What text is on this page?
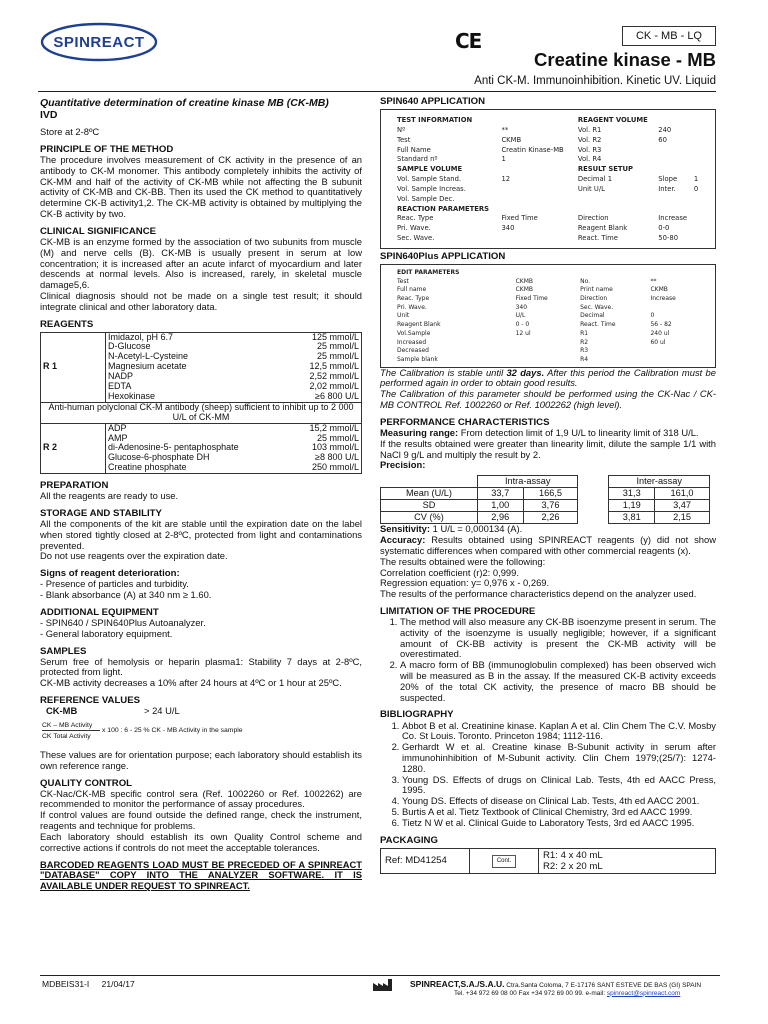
SPINREACT	CE	CK - MB - LQ
Creatine kinase - MB
Anti CK-M. Immunoinhibition. Kinetic UV. Liquid
Quantitative determination of creatine kinase MB (CK-MB)
IVD

Store at 2-8ºC

PRINCIPLE OF THE METHOD

The procedure involves measurement of CK activity in the presence of an antibody to CK-M monomer. This antibody completely inhibits the activity of CK-MM and half of the activity of CK-MB while not affecting the B subunit activity of CK-MB and CK-BB. Then its used the CK method to quantitatively determine CK-B activity1,2. The CK-MB activity is obtained by multiplying the CK-B activity by two.

CLINICAL SIGNIFICANCE

CK-MB is an enzyme formed by the association of two subunits from muscle (M) and nerve cells (B). CK-MB is usually present in serum at low concentration; it is increased after an acute infarct of myocardium and later descends at normal levels. Also is increased, rarely, in skeletal muscle damage5,6.

Clinical diagnosis should not be made on a single test result; it should integrate clinical and other laboratory data.

REAGENTS
R 1	Imidazol, pH 6.7	125 mmol/L
	D-Glucose	25 mmol/L
	N-Acetyl-L-Cysteine	25 mmol/L
	Magnesium acetate	12,5 mmol/L
	NADP	2,52 mmol/L
	EDTA	2,02 mmol/L
	Hexokinase	≥6 800 U/L
Anti-human polyclonal CK-M antibody (sheep) sufficient to inhibit up to 2 000 U/L of CK-MM		
R 2	ADP	15,2 mmol/L
	AMP	25 mmol/L
	di-Adenosine-5- pentaphosphate	103 mmol/L
	Glucose-6-phosphate DH	≥8 800 U/L
	Creatine phosphate	250 mmol/L
PREPARATION

All the reagents are ready to use.

STORAGE AND STABILITY

All the components of the kit are stable until the expiration date on the label when stored tightly closed at 2-8ºC, protected from light and contaminations prevented.

Do not use reagents over the expiration date.

Signs of reagent deterioration:

- Presence of particles and turbidity.

- Blank absorbance (A) at 340 nm ≥ 1.60.

ADDITIONAL EQUIPMENT

- SPIN640 / SPIN640Plus Autoanalyzer.

- General laboratory equipment.

SAMPLES

Serum free of hemolysis or heparin plasma1: Stability 7 days at 2-8ºC, protected from light.

CK-MB activity decreases a 10% after 24 hours at 4ºC or 1 hour at 25ºC.

REFERENCE VALUES
CK-MB	> 24 U/L
CK – MB Activity
CK Total Activity
x 100 : 6 - 25 % CK - MB Activity in the sample

These values are for orientation purpose; each laboratory should establish its own reference range.

QUALITY CONTROL

CK-Nac/CK-MB specific control sera (Ref. 1002260 or Ref. 1002262) are recommended to monitor the performance of assay procedures.

If control values are found outside the defined range, check the instrument, reagents and technique for problems.

Each laboratory should establish its own Quality Control scheme and corrective actions if controls do not meet the acceptable tolerances.

BARCODED REAGENTS LOAD MUST BE PRECEDED OF A SPINREACT "DATABASE" COPY INTO THE ANALYZER SOFTWARE. IT IS AVAILABLE UNDER REQUEST TO SPINREACT.

SPIN640 APPLICATION
TEST INFORMATION			REAGENT VOLUME		
Nº	**		Vol. R1	240	
Test	CKMB		Vol. R2	60	
Full Name	Creatin Kinase-MB		Vol. R3		
Standard nº	1		Vol. R4		

SAMPLE VOLUME			RESULT SETUP		
Vol. Sample Stand.	12		Decimal 1	Slope	1
Vol. Sample Increas.			Unit U/L	Inter.	0
Vol. Sample Dec.					

REACTION PARAMETERS					
Reac. Type	Fixed Time		Direction	Increase	
Pri. Wave.	340		Reagent Blank	0-0	
Sec. Wave.			React. Time	50-80	
SPIN640Plus APPLICATION
EDIT PARAMETERS			
Test	CKMB	No.	**
Full name	CKMB	Print name	CKMB

Reac. Type	Fixed Time	Direction	Increase
Pri. Wave.	340	Sec. Wave.	

Unit	U/L	Decimal	0
Reagent Blank	0 - 0	React. Time	56 - 82

Vol.Sample	12 ul	R1	240 ul
Increased		R2	60 ul
Decreased		R3	
Sample blank		R4	

The Calibration is stable until 32 days. After this period the Calibration must be performed again in order to obtain good results.

The Calibration of this parameter should be performed using the CK-Nac / CK-MB CONTROL Ref. 1002260 or Ref. 1002262 (high level).

PERFORMANCE CHARACTERISTICS

Measuring range: From detection limit of 1,9 U/L to linearity limit of 318 U/L.

If the results obtained were greater than linearity limit, dilute the sample 1/1 with NaCl 9 g/L and multiply the result by 2.

Precision:

	Intra-assay			Inter-assay	
Mean (U/L)	33,7	166,5		31,3	161,0
SD	1,00	3,76		1,19	3,47
CV (%)	2,96	2,26		3,81	2,15

Sensitivity: 1 U/L = 0,000134 (A).

Accuracy: Results obtained using SPINREACT reagents (y) did not show systematic differences when compared with other commercial reagents (x).

The results obtained were the following:

Correlation coefficient (r)2: 0,999.

Regression equation: y= 0,976 x - 0,269.

The results of the performance characteristics depend on the analyzer used.

LIMITATION OF THE PROCEDURE
1. The method will also measure any CK-BB isoenzyme present in serum. The activity of the isoenzyme is usually negligible; however, if a significant amount of CK-BB activity is present the CK-MB activity will be overestimated.
2. A macro form of BB (immunoglobulin complexed) has been observed wich will be measured as B in the assay. If the measured CK-B activity exceeds 20% of the total CK activity, the presence of macro BB should be suspected.
BIBLIOGRAPHY
1. Abbot B et al. Creatinine kinase. Kaplan A et al. Clin Chem The C.V. Mosby Co. St Louis. Toronto. Princeton 1984; 1112-116.
2. Gerhardt W et al. Creatine kinase B-Subunit activity in serum after immunohinhibition of M-Subunit activity. Clin Chem 1979;(25/7): 1274-1280.
3. Young DS. Effects of drugs on Clinical Lab. Tests, 4th ed AACC Press, 1995.
4. Young DS. Effects of disease on Clinical Lab. Tests, 4th ed AACC 2001.
5. Burtis A et al. Tietz Textbook of Clinical Chemistry, 3rd ed AACC 1999.
6. Tietz N W et al. Clinical Guide to Laboratory Tests, 3rd ed AACC 1995.
PACKAGING
Ref: MD41254	Cont.	
R1: 4 x 40 mL
R2: 2 x 20 mL
MDBEIS31-I 21/04/17	SPINREACT,S.A./S.A.U. Ctra.Santa Coloma, 7 E-17176 SANT ESTEVE DE BAS (GI) SPAIN
Tel. +34 972 69 08 00 Fax +34 972 69 00 99. e-mail: spinreact@spinreact.com
